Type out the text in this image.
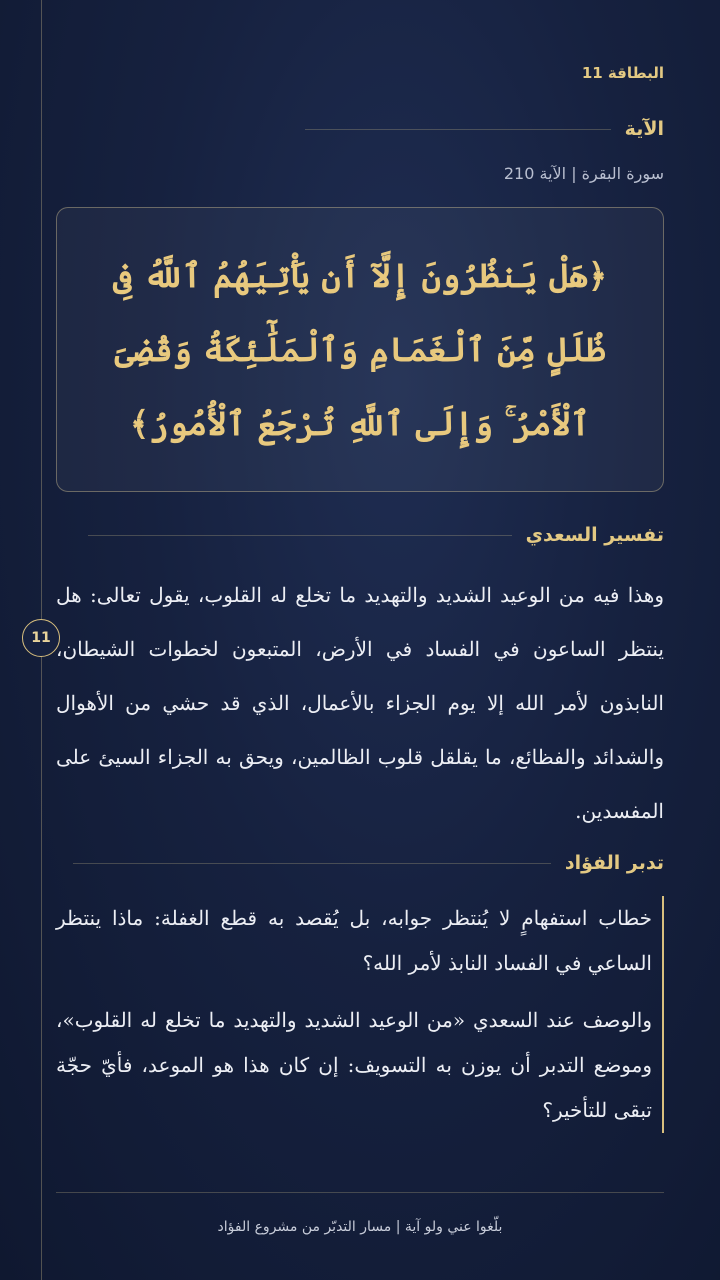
11
البطاقة 11
الآية
سورة البقرة | الآية 210

﴿هَلْ يَنظُرُونَ إِلَّآ أَن يَأْتِيَهُمُ ٱللَّهُ فِى ظُلَلٍ مِّنَ ٱلْغَمَامِ وَٱلْمَلَٰٓئِكَةُ وَقُضِىَ ٱلْأَمْرُ ۚ وَإِلَى ٱللَّهِ تُرْجَعُ ٱلْأُمُورُ﴾

تفسير السعدي

وهذا فيه من الوعيد الشديد والتهديد ما تخلع له القلوب، يقول تعالى: هل ينتظر الساعون في الفساد في الأرض، المتبعون لخطوات الشيطان، النابذون لأمر الله إلا يوم الجزاء بالأعمال، الذي قد حشي من الأهوال والشدائد والفظائع، ما يقلقل قلوب الظالمين، ويحق به الجزاء السيئ على المفسدين.

تدبر الفؤاد

خطاب استفهامٍ لا يُنتظر جوابه، بل يُقصد به قطع الغفلة: ماذا ينتظر الساعي في الفساد النابذ لأمر الله؟

والوصف عند السعدي «من الوعيد الشديد والتهديد ما تخلع له القلوب»، وموضع التدبر أن يوزن به التسويف: إن كان هذا هو الموعد، فأيّ حجّة تبقى للتأخير؟

بلّغوا عني ولو آية | مسار التدبّر من مشروع الفؤاد
